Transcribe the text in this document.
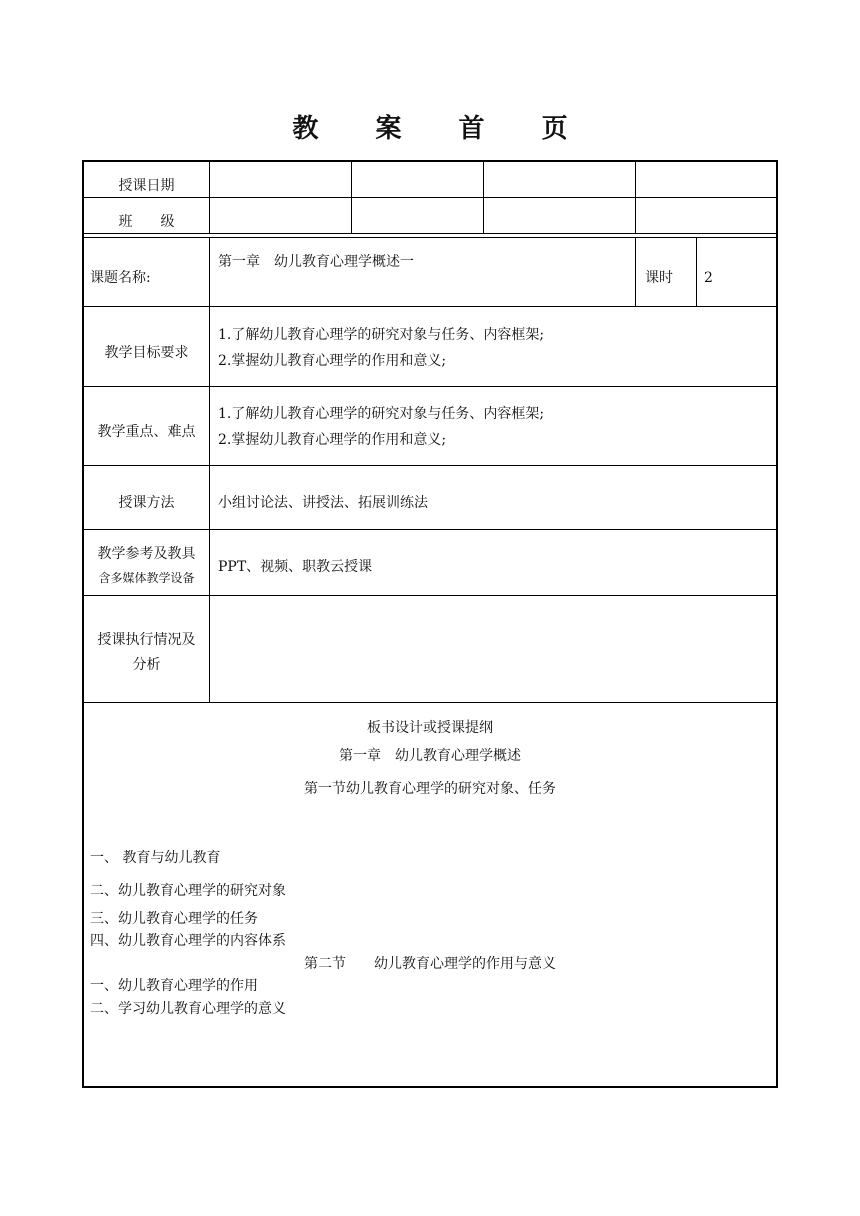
教 案 首 页
授课日期
班　　级
课题名称:
第一章　幼儿教育心理学概述一
课时 2
教学目标要求
1.了解幼儿教育心理学的研究对象与任务、内容框架;
2.掌握幼儿教育心理学的作用和意义;
教学重点、难点
1.了解幼儿教育心理学的研究对象与任务、内容框架;
2.掌握幼儿教育心理学的作用和意义;
授课方法	小组讨论法、讲授法、拓展训练法
教学参考及教具
含多媒体教学设备
PPT、视频、职教云授课
授课执行情况及
分析
板书设计或授课提纲
第一章　幼儿教育心理学概述
第一节幼儿教育心理学的研究对象、任务
一、 教育与幼儿教育
二、幼儿教育心理学的研究对象
三、幼儿教育心理学的任务
四、幼儿教育心理学的内容体系
第二节　　幼儿教育心理学的作用与意义
一、幼儿教育心理学的作用
二、学习幼儿教育心理学的意义
